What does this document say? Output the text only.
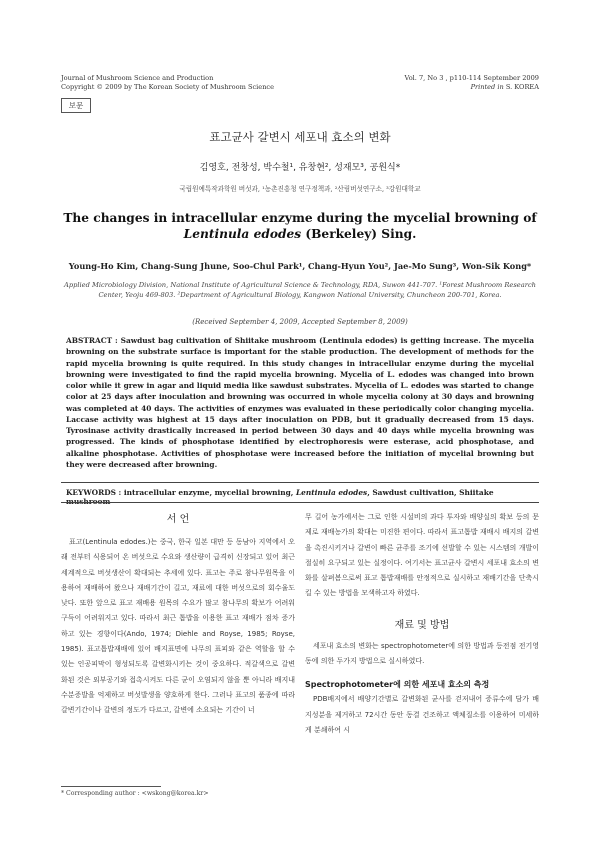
Journal of Mushroom Science and Production
Copyright © 2009 by The Korean Society of Mushroom Science
Vol. 7, No 3 , p110-114 September 2009
Printed in S. KOREA
보문
표고균사 갈변시 세포내 효소의 변화
김영호, 전창성, 박수철¹, 유창현², 성재모³, 공원식*
국립원예특작과학원 버섯과, ¹농촌진흥청 연구정책과, ²산림버섯연구소, ³강원대학교
The changes in intracellular enzyme during the mycelial browning of
Lentinula edodes (Berkeley) Sing.
Young-Ho Kim, Chang-Sung Jhune, Soo-Chul Park¹, Chang-Hyun You², Jae-Mo Sung³, Won-Sik Kong*
Applied Microbiology Division, National Institute of Agricultural Science & Technology, RDA, Suwon 441-707. ¹Forest Mushroom Research Center, Yeoju 469-803. ²Department of Agricultural Biology, Kangwon National University, Chuncheon 200-701, Korea.
(Received September 4, 2009, Accepted September 8, 2009)
ABSTRACT : Sawdust bag cultivation of Shiitake mushroom (Lentinula edodes) is getting increase. The mycelia browning on the substrate surface is important for the stable production. The development of methods for the rapid mycelia browning is quite required. In this study changes in intracellular enzyme during the mycelial browning were investigated to find the rapid mycelia browning. Mycelia of L. edodes was changed into brown color while it grew in agar and liquid media like sawdust substrates. Mycelia of L. edodes was started to change color at 25 days after inoculation and browning was occurred in whole mycelia colony at 30 days and browning was completed at 40 days. The activities of enzymes was evaluated in these periodically color changing mycelia. Laccase activity was highest at 15 days after inoculation on PDB, but it gradually decreased from 15 days. Tyrosinase activity drastically increased in period between 30 days and 40 days while mycelia browning was progressed. The kinds of phosphotase identified by electrophoresis were esterase, acid phosphotase, and alkaline phosphotase. Activities of phosphotase were increased before the initiation of mycelial browning but they were decreased after browning.
KEYWORDS : intracellular enzyme, mycelial browning, Lentinula edodes, Sawdust cultivation, Shiitake mushroom

서 언

표고(Lentinula edodes.)는 중국, 한국 일본 대만 등 동남아 지역에서 오래 전부터 식용되어 온 버섯으로 수요와 생산량이 급격히 신장되고 있어 최근 세계적으로 버섯생산이 확대되는 추세에 있다. 표고는 주로 참나무원목을 이용하여 재배하여 왔으나 재배기간이 길고, 재료에 대한 버섯으로의 회수율도 낮다. 또한 앞으로 표고 재배용 원목의 수요가 많고 참나무의 확보가 어려워 구득이 어려워지고 있다. 따라서 최근 톱밥을 이용한 표고 재배가 점차 증가하고 있는 경향이다(Ando, 1974; Diehle and Royse, 1985; Royse, 1985). 표고톱밥재배에 있어 배지표면에 나무의 표피와 같은 역할을 할 수 있는 인공피막이 형성되도록 갈변화시키는 것이 중요하다. 적갈색으로 갈변화된 것은 외부공기와 접촉시켜도 다른 균이 오염되지 않을 뿐 아니라 배지내 수분증발을 억제하고 버섯발생을 양호하게 한다. 그러나 표고의 품종에 따라 갈변기간이나 갈변의 정도가 다르고, 갈변에 소요되는 기간이 너

무 길어 농가에서는 그로 인한 시설비의 과다 투자와 배양실의 확보 등의 문제로 재배농가의 확대는 미진한 편이다. 따라서 표고톱밥 재배시 배지의 갈변을 촉진시키거나 갈변이 빠른 균주를 조기에 선발할 수 있는 시스템의 개발이 절실히 요구되고 있는 실정이다. 여기서는 표고균사 갈변시 세포내 효소의 변화를 살펴봄으로써 표고 톱밥재배를 안정적으로 실시하고 재배기간을 단축시킬 수 있는 방법을 모색하고자 하였다.

재료 및 방법

세포내 효소의 변화는 spectrophotometer에 의한 방법과 등전점 전기영동에 의한 두가지 방법으로 실시하였다.

Spectrophotometer에 의한 세포내 효소의 측정

PDB배지에서 배양기간별로 갈변화된 균사를 걷저내어 증류수에 담가 배지성분을 제거하고 72시간 동안 동결 건조하고 액체질소를 이용하여 미세하게 분쇄하여 시

* Corresponding author : <wskong@korea.kr>
